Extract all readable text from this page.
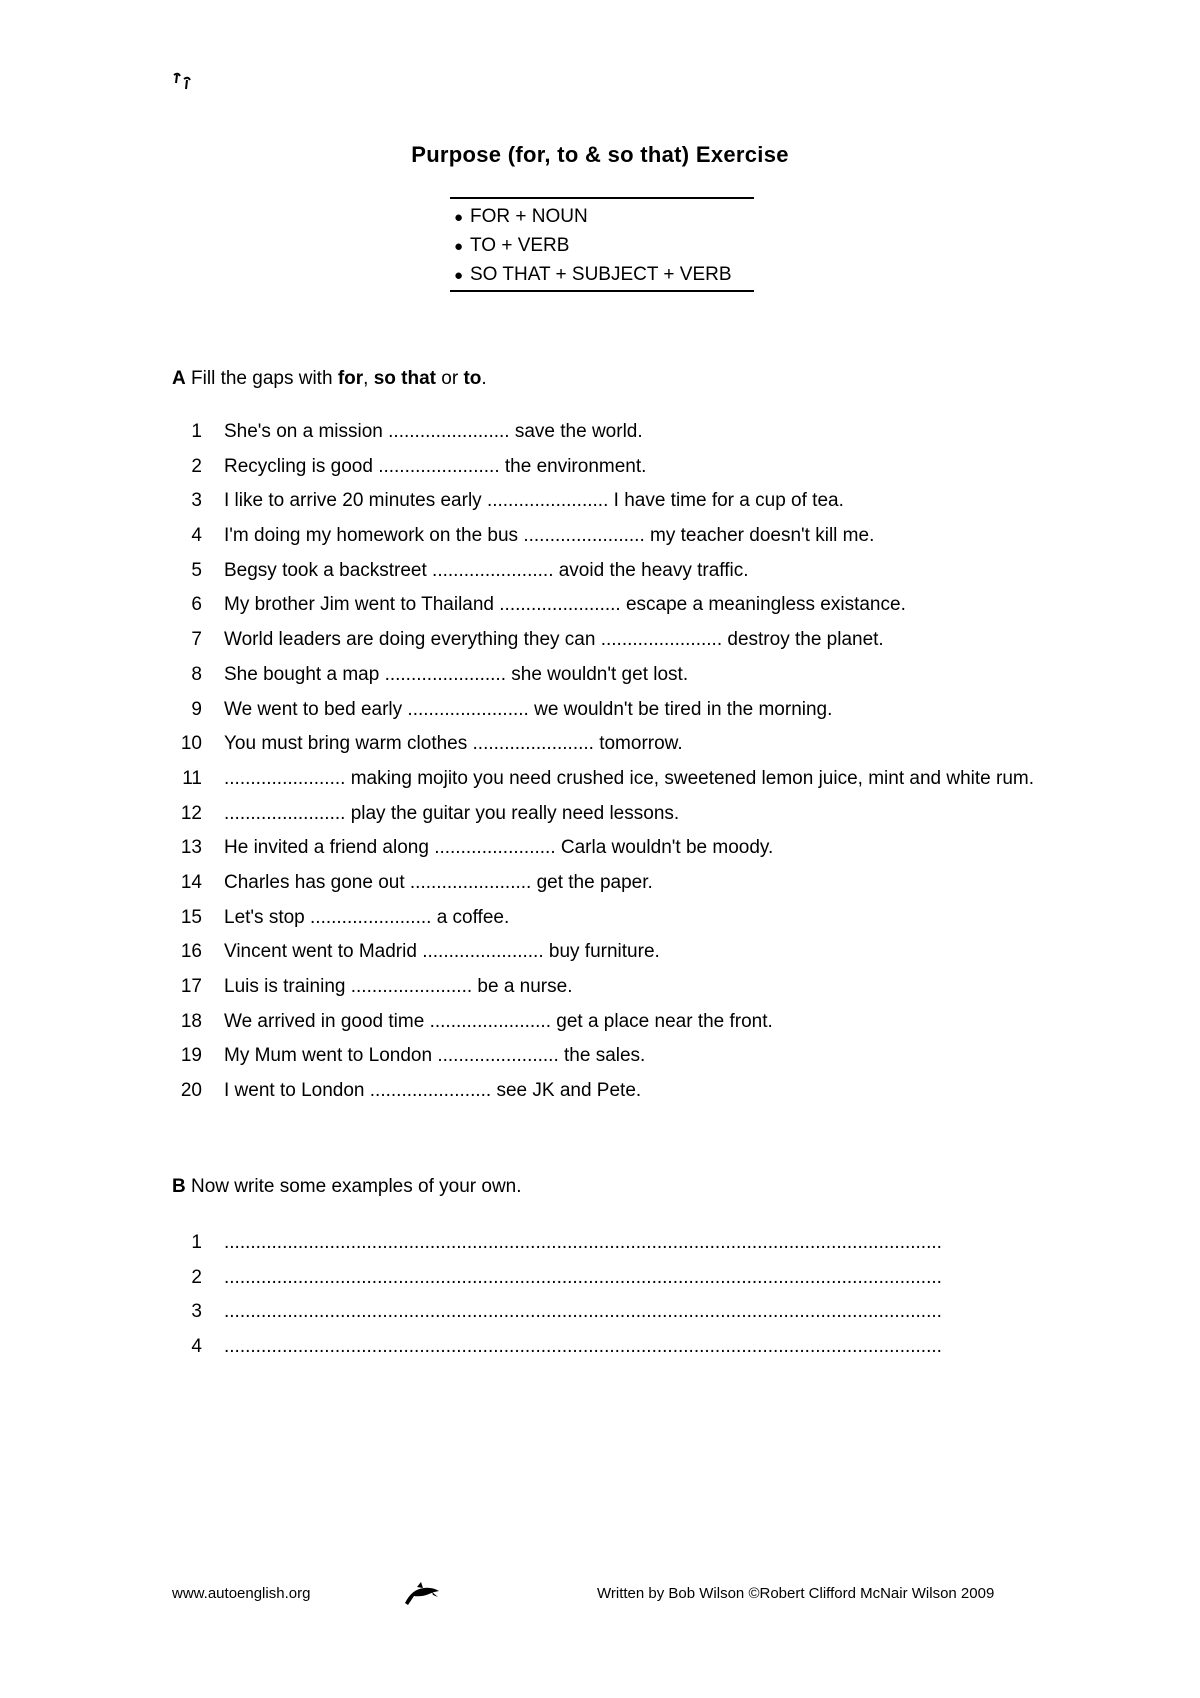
Purpose (for, to & so that) Exercise
● FOR + NOUN
● TO + VERB
● SO THAT + SUBJECT + VERB
A Fill the gaps with for, so that or to.
1 She's on a mission ....................... save the world.
2 Recycling is good ....................... the environment.
3 I like to arrive 20 minutes early ....................... I have time for a cup of tea.
4 I'm doing my homework on the bus ....................... my teacher doesn't kill me.
5 Begsy took a backstreet ....................... avoid the heavy traffic.
6 My brother Jim went to Thailand ....................... escape a meaningless existance.
7 World leaders are doing everything they can ....................... destroy the planet.
8 She bought a map ....................... she wouldn't get lost.
9 We went to bed early ....................... we wouldn't be tired in the morning.
10 You must bring warm clothes ....................... tomorrow.
11 ....................... making mojito you need crushed ice, sweetened lemon juice, mint and white rum.
12 ....................... play the guitar you really need lessons.
13 He invited a friend along ....................... Carla wouldn't be moody.
14 Charles has gone out ....................... get the paper.
15 Let's stop ....................... a coffee.
16 Vincent went to Madrid ....................... buy furniture.
17 Luis is training ....................... be a nurse.
18 We arrived in good time ....................... get a place near the front.
19 My Mum went to London ....................... the sales.
20 I went to London ....................... see JK and Pete.
B Now write some examples of your own.
1 ........................................................................................................................................
2 ........................................................................................................................................
3 ........................................................................................................................................
4 ........................................................................................................................................
www.autoenglish.org	Written by Bob Wilson ©Robert Clifford McNair Wilson 2009
